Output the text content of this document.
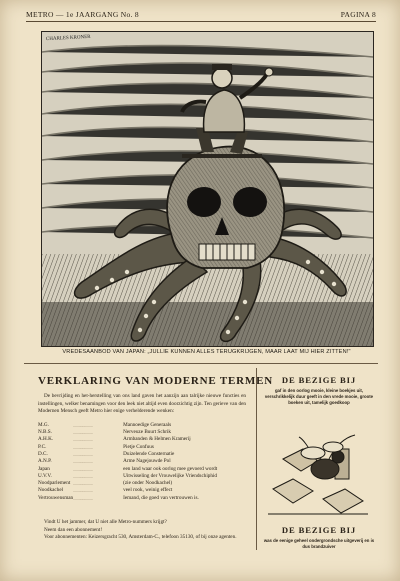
METRO — 1e JAARGANG No. 8	PAGINA 8
CHARLES KRONER
VREDESAANBOD VAN JAPAN: „JULLIE KUNNEN ALLES TERUGKRIJGEN, MAAR LAAT MIJ HIER ZITTEN!"
VERKLARING VAN MODERNE TERMEN

De bevrijding en het-herstelling van ons land gaven het aanzijn aan talrijke nieuwe functies en instellingen, welker benamingen voor den leek niet altijd even doorzichtig zijn. Ten gerieve van den Modernen Mensch geeft Metro hier enige verhelderende wenken:

M.G.	.....................	Mannoedige Generaals
N.B.S.	.....................	Nerveuze Buurt Schrik
A.H.K.	.....................	Armbanden & Helmen Kramerij
P.C.	.....................	Pietje Confuus
D.C.	.....................	Duizelende Consternatie
A.N.P.	.....................	Arme Nagejouwde Pol
Japan	.....................	een land waar ook oorlog mee gevoerd wordt
U.V.V.	.....................	Uitwisseling der Vrouwelijke Vriendschiphid
Noodparlement	.....................	(zie onder Noodkachel)
Noodkachel	.....................	veel rook, weinig effect
Vertrouwensman	.....................	Iemand, die goed van vertrouwen is.

Vindt U het jammer, dat U niet alle Metro-nummers krijgt?

Neem dan een abonnement!

Voor abonnementen: Keizersgracht 530, Amsterdam-C., telefoon 35130, of bij onze agenten.

DE BEZIGE BIJ
gaf in den oorlog mooie, kleine boekjes uit, verschrikkelijk duur geeft in den vrede mooie, groote boeken uit, tamelijk goedkoop
DE BEZIGE BIJ
was de eenige geheel ondergrondsche uitgeverij en is dus brandzuiver
